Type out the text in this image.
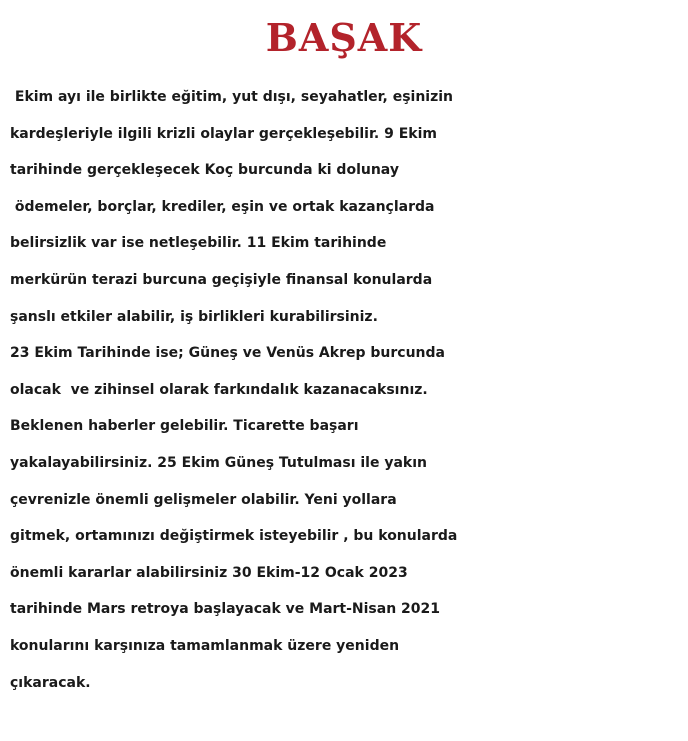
BAŞAK
Ekim ayı ile birlikte eğitim, yut dışı, seyahatler, eşinizin
kardeşleriyle ilgili krizli olaylar gerçekleşebilir. 9 Ekim
tarihinde gerçekleşecek Koç burcunda ki dolunay
ödemeler, borçlar, krediler, eşin ve ortak kazançlarda
belirsizlik var ise netleşebilir. 11 Ekim tarihinde
merkürün terazi burcuna geçişiyle finansal konularda
şanslı etkiler alabilir, iş birlikleri kurabilirsiniz.
23 Ekim Tarihinde ise; Güneş ve Venüs Akrep burcunda
olacak  ve zihinsel olarak farkındalık kazanacaksınız.
Beklenen haberler gelebilir. Ticarette başarı
yakalayabilirsiniz. 25 Ekim Güneş Tutulması ile yakın
çevrenizle önemli gelişmeler olabilir. Yeni yollara
gitmek, ortamınızı değiştirmek isteyebilir , bu konularda
önemli kararlar alabilirsiniz 30 Ekim-12 Ocak 2023
tarihinde Mars retroya başlayacak ve Mart-Nisan 2021
konularını karşınıza tamamlanmak üzere yeniden
çıkaracak.
